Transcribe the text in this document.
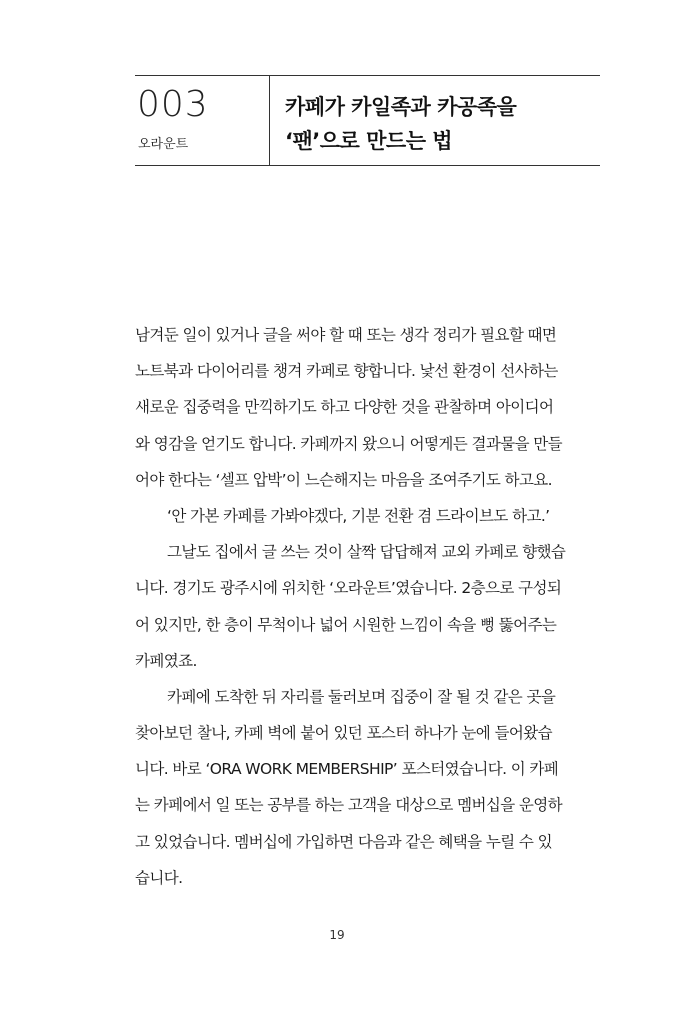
003
오라운트
카페가 카일족과 카공족을
‘팬’으로 만드는 법
남겨둔 일이 있거나 글을 써야 할 때 또는 생각 정리가 필요할 때면
노트북과 다이어리를 챙겨 카페로 향합니다. 낯선 환경이 선사하는
새로운 집중력을 만끽하기도 하고 다양한 것을 관찰하며 아이디어
와 영감을 얻기도 합니다. 카페까지 왔으니 어떻게든 결과물을 만들
어야 한다는 ‘셀프 압박’이 느슨해지는 마음을 조여주기도 하고요.
‘안 가본 카페를 가봐야겠다, 기분 전환 겸 드라이브도 하고.’
그날도 집에서 글 쓰는 것이 살짝 답답해져 교외 카페로 향했습
니다. 경기도 광주시에 위치한 ‘오라운트’였습니다. 2층으로 구성되
어 있지만, 한 층이 무척이나 넓어 시원한 느낌이 속을 뻥 뚫어주는
카페였죠.
카페에 도착한 뒤 자리를 둘러보며 집중이 잘 될 것 같은 곳을
찾아보던 찰나, 카페 벽에 붙어 있던 포스터 하나가 눈에 들어왔습
니다. 바로 ‘ORA WORK MEMBERSHIP’ 포스터였습니다. 이 카페
는 카페에서 일 또는 공부를 하는 고객을 대상으로 멤버십을 운영하
고 있었습니다. 멤버십에 가입하면 다음과 같은 혜택을 누릴 수 있
습니다.
19
